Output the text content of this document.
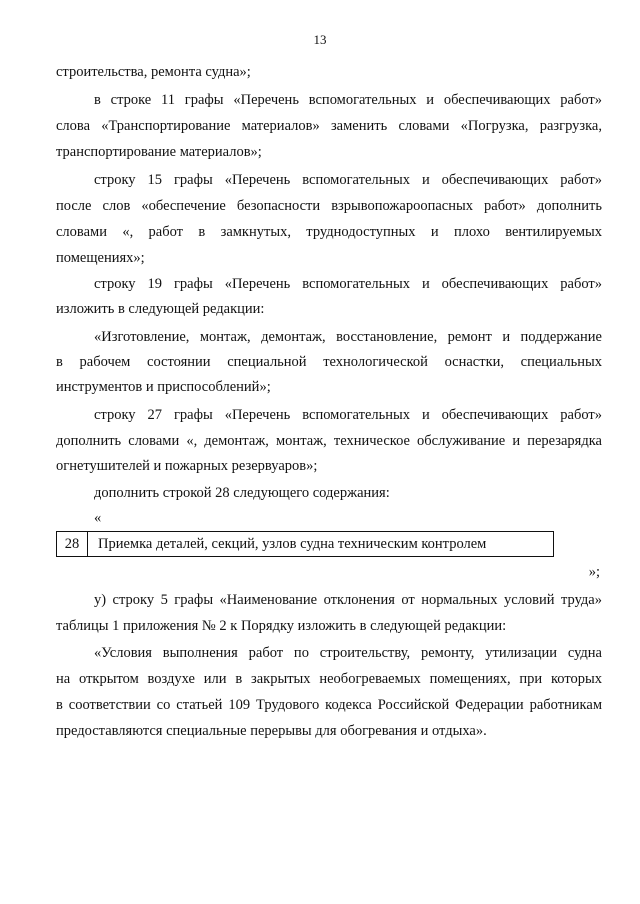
13
строительства, ремонта судна»;
в строке 11 графы «Перечень вспомогательных и обеспечивающих работ»
слова «Транспортирование материалов» заменить словами «Погрузка, разгрузка,
транспортирование материалов»;
строку 15 графы «Перечень вспомогательных и обеспечивающих работ»
после слов «обеспечение безопасности взрывопожароопасных работ» дополнить
словами «, работ в замкнутых, труднодоступных и плохо вентилируемых
помещениях»;
строку 19 графы «Перечень вспомогательных и обеспечивающих работ»
изложить в следующей редакции:
«Изготовление, монтаж, демонтаж, восстановление, ремонт и поддержание
в рабочем состоянии специальной технологической оснастки, специальных
инструментов и приспособлений»;
строку 27 графы «Перечень вспомогательных и обеспечивающих работ»
дополнить словами «, демонтаж, монтаж, техническое обслуживание и перезарядка
огнетушителей и пожарных резервуаров»;
дополнить строкой 28 следующего содержания:
«
28	Приемка деталей, секций, узлов судна техническим контролем
»;
у) строку 5 графы «Наименование отклонения от нормальных условий труда»
таблицы 1 приложения № 2 к Порядку изложить в следующей редакции:
«Условия выполнения работ по строительству, ремонту, утилизации судна
на открытом воздухе или в закрытых необогреваемых помещениях, при которых
в соответствии со статьей 109 Трудового кодекса Российской Федерации работникам
предоставляются специальные перерывы для обогревания и отдыха».
